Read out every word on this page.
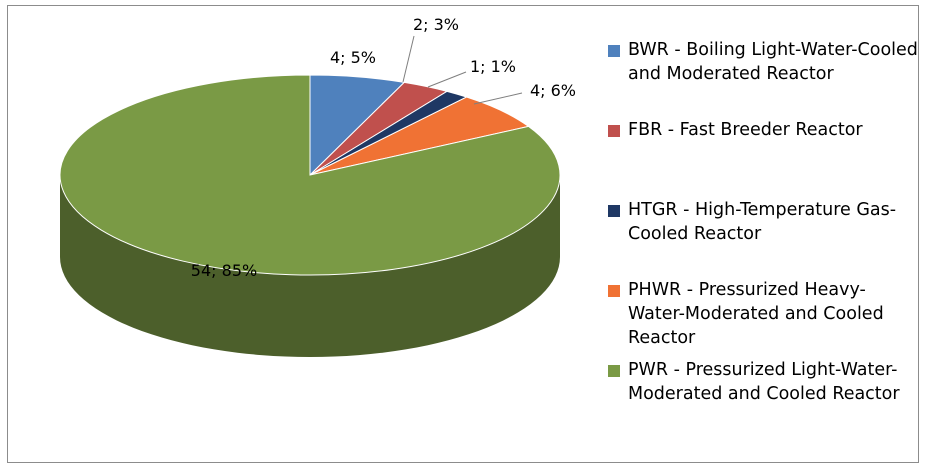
4; 5%
2; 3%
1; 1%
4; 6%
54; 85%
BWR - Boiling Light-Water-Cooled and Moderated Reactor
FBR - Fast Breeder Reactor
HTGR - High-Temperature Gas-Cooled Reactor
PHWR - Pressurized Heavy-Water-Moderated and Cooled Reactor
PWR - Pressurized Light-Water-Moderated and Cooled Reactor
